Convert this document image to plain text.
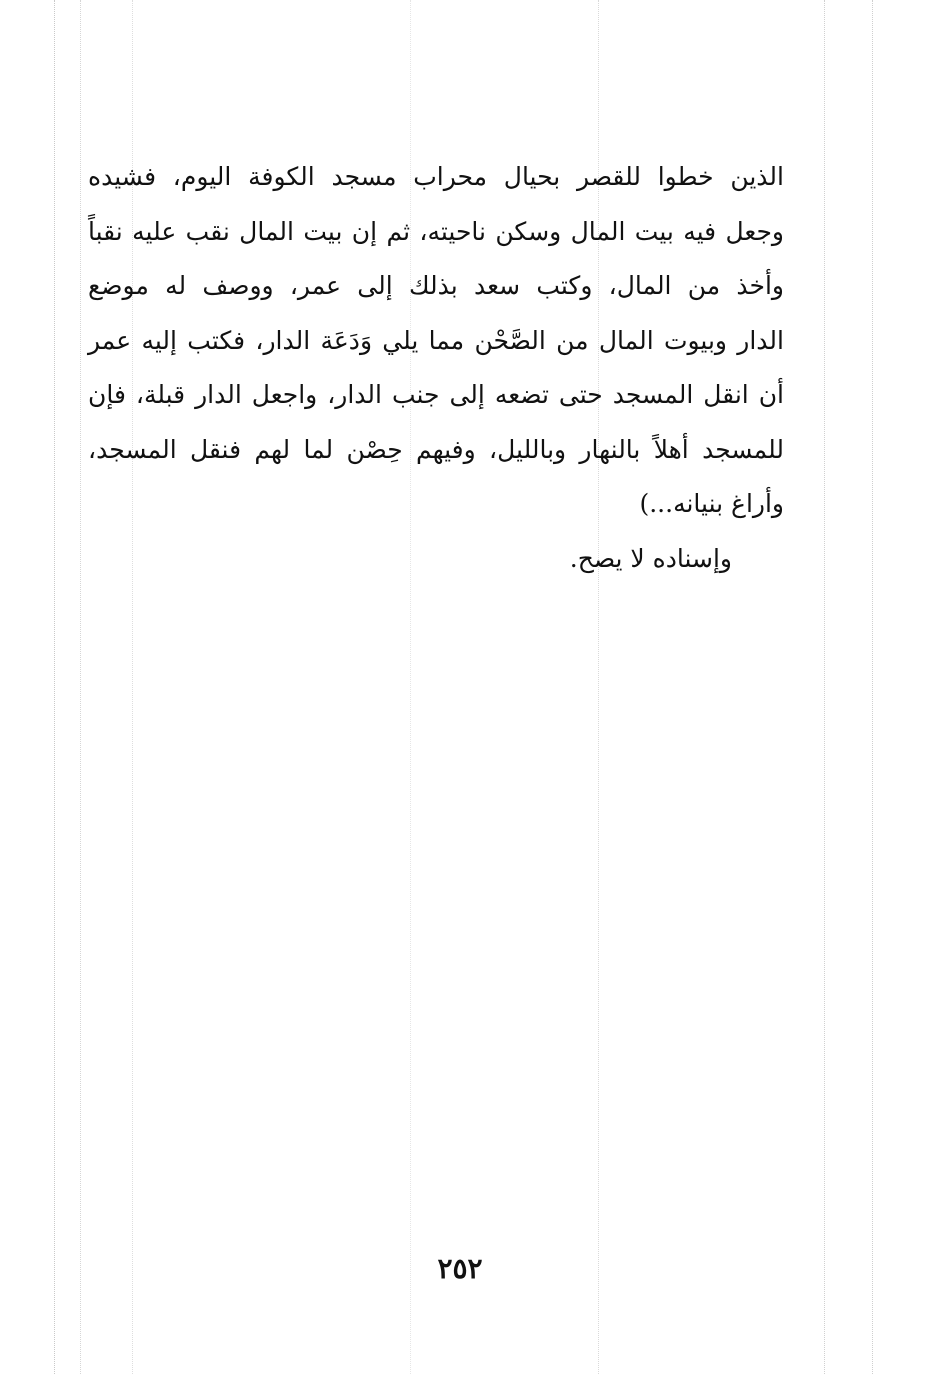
الذين خطوا للقصر بحيال محراب مسجد الكوفة اليوم، فشيده
وجعل فيه بيت المال وسكن ناحيته، ثم إن بيت المال نقب عليه نقباً
وأخذ من المال، وكتب سعد بذلك إلى عمر، ووصف له موضع
الدار وبيوت المال من الصَّحْن مما يلي وَدَعَة الدار، فكتب إليه عمر
أن انقل المسجد حتى تضعه إلى جنب الدار، واجعل الدار قبلة، فإن
للمسجد أهلاً بالنهار وبالليل، وفيهم حِصْن لما لهم فنقل المسجد،
وأراغ بنيانه...)
وإسناده لا يصح.
٢٥٢
